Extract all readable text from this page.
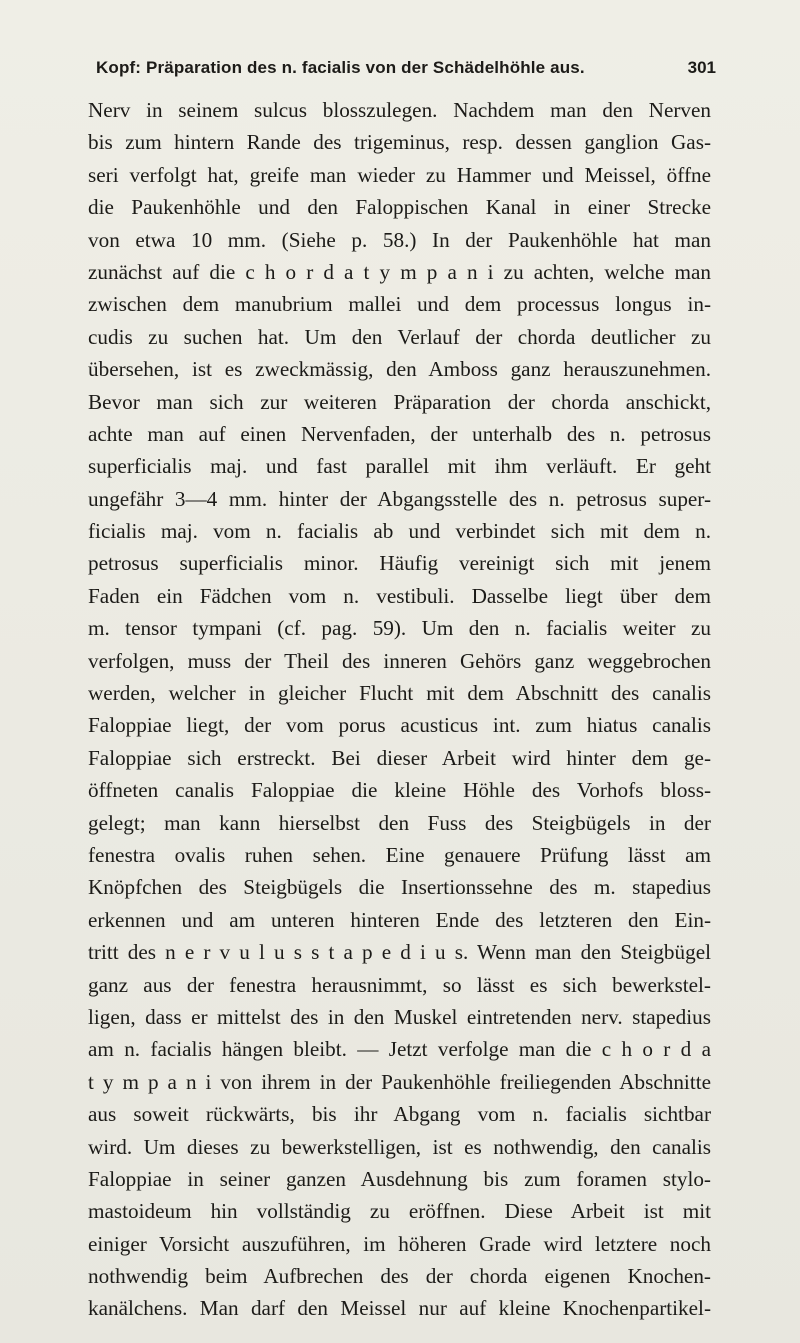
Kopf: Präparation des n. facialis von der Schädelhöhle aus.	301
Nerv in seinem sulcus blosszulegen. Nachdem man den Nerven
bis zum hintern Rande des trigeminus, resp. dessen ganglion Gas-
seri verfolgt hat, greife man wieder zu Hammer und Meissel, öffne
die Paukenhöhle und den Faloppischen Kanal in einer Strecke
von etwa 10 mm. (Siehe p. 58.) In der Paukenhöhle hat man
zunächst auf die c h o r d a t y m p a n i zu achten, welche man
zwischen dem manubrium mallei und dem processus longus in-
cudis zu suchen hat. Um den Verlauf der chorda deutlicher zu
übersehen, ist es zweckmässig, den Amboss ganz herauszunehmen.
Bevor man sich zur weiteren Präparation der chorda anschickt,
achte man auf einen Nervenfaden, der unterhalb des n. petrosus
superficialis maj. und fast parallel mit ihm verläuft. Er geht
ungefähr 3—4 mm. hinter der Abgangsstelle des n. petrosus super-
ficialis maj. vom n. facialis ab und verbindet sich mit dem n.
petrosus superficialis minor. Häufig vereinigt sich mit jenem
Faden ein Fädchen vom n. vestibuli. Dasselbe liegt über dem
m. tensor tympani (cf. pag. 59). Um den n. facialis weiter zu
verfolgen, muss der Theil des inneren Gehörs ganz weggebrochen
werden, welcher in gleicher Flucht mit dem Abschnitt des canalis
Faloppiae liegt, der vom porus acusticus int. zum hiatus canalis
Faloppiae sich erstreckt. Bei dieser Arbeit wird hinter dem ge-
öffneten canalis Faloppiae die kleine Höhle des Vorhofs bloss-
gelegt; man kann hierselbst den Fuss des Steigbügels in der
fenestra ovalis ruhen sehen. Eine genauere Prüfung lässt am
Knöpfchen des Steigbügels die Insertionssehne des m. stapedius
erkennen und am unteren hinteren Ende des letzteren den Ein-
tritt des n e r v u l u s s t a p e d i u s. Wenn man den Steigbügel
ganz aus der fenestra herausnimmt, so lässt es sich bewerkstel-
ligen, dass er mittelst des in den Muskel eintretenden nerv. stapedius
am n. facialis hängen bleibt. — Jetzt verfolge man die c h o r d a
t y m p a n i von ihrem in der Paukenhöhle freiliegenden Abschnitte
aus soweit rückwärts, bis ihr Abgang vom n. facialis sichtbar
wird. Um dieses zu bewerkstelligen, ist es nothwendig, den canalis
Faloppiae in seiner ganzen Ausdehnung bis zum foramen stylo-
mastoideum hin vollständig zu eröffnen. Diese Arbeit ist mit
einiger Vorsicht auszuführen, im höheren Grade wird letztere noch
nothwendig beim Aufbrechen des der chorda eigenen Knochen-
kanälchens. Man darf den Meissel nur auf kleine Knochenpartikel-
